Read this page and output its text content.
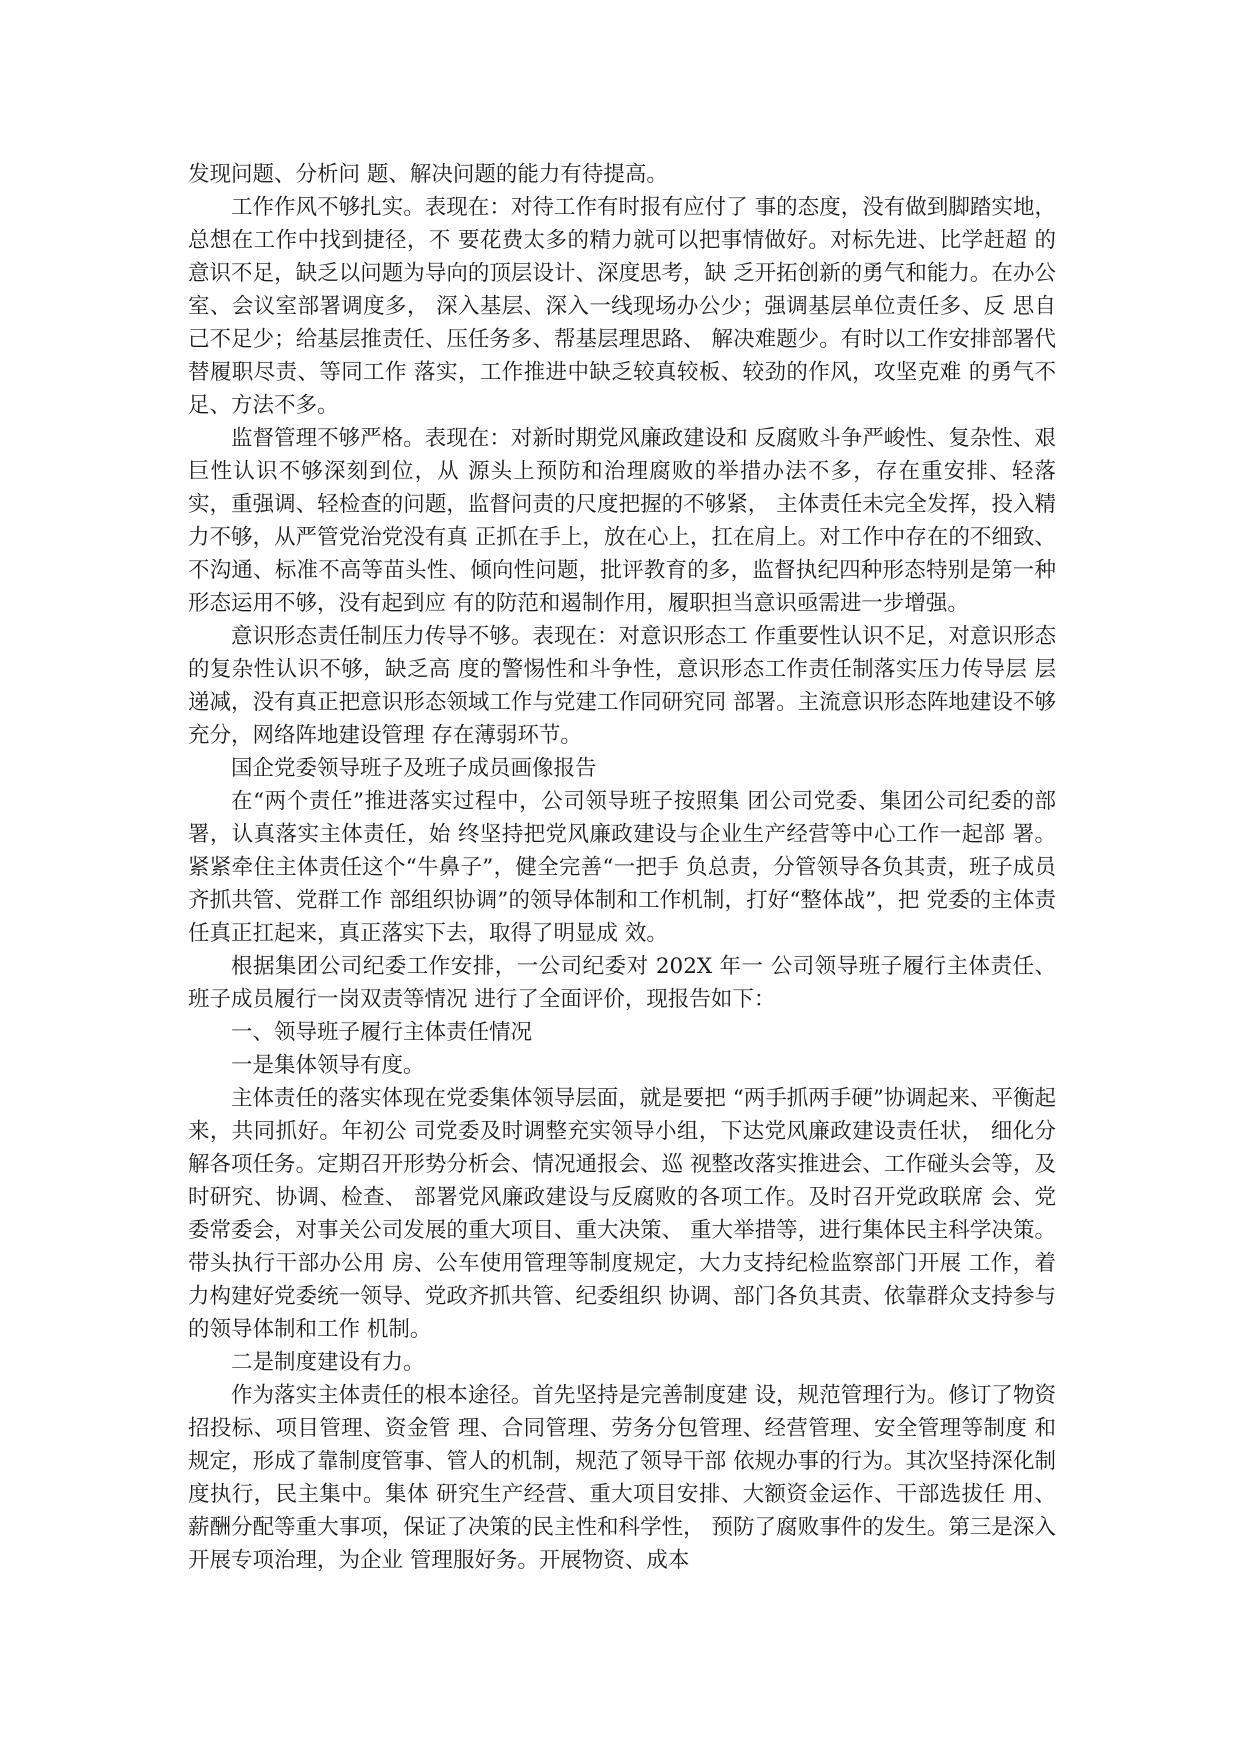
发现问题、分析问 题、解决问题的能力有待提高。

工作作风不够扎实。表现在：对待工作有时报有应付了 事的态度，没有做到脚踏实地，总想在工作中找到捷径，不 要花费太多的精力就可以把事情做好。对标先进、比学赶超 的意识不足，缺乏以问题为导向的顶层设计、深度思考，缺 乏开拓创新的勇气和能力。在办公室、会议室部署调度多， 深入基层、深入一线现场办公少；强调基层单位责任多、反 思自己不足少；给基层推责任、压任务多、帮基层理思路、 解决难题少。有时以工作安排部署代替履职尽责、等同工作 落实，工作推进中缺乏较真较板、较劲的作风，攻坚克难 的勇气不足、方法不多。

监督管理不够严格。表现在：对新时期党风廉政建设和 反腐败斗争严峻性、复杂性、艰巨性认识不够深刻到位，从 源头上预防和治理腐败的举措办法不多，存在重安排、轻落 实，重强调、轻检查的问题，监督问责的尺度把握的不够紧， 主体责任未完全发挥，投入精力不够，从严管党治党没有真 正抓在手上，放在心上，扛在肩上。对工作中存在的不细致、 不沟通、标准不高等苗头性、倾向性问题，批评教育的多，监督执纪四种形态特别是第一种形态运用不够，没有起到应 有的防范和遏制作用，履职担当意识亟需进一步增强。

意识形态责任制压力传导不够。表现在：对意识形态工 作重要性认识不足，对意识形态的复杂性认识不够，缺乏高 度的警惕性和斗争性，意识形态工作责任制落实压力传导层 层递减，没有真正把意识形态领域工作与党建工作同研究同 部署。主流意识形态阵地建设不够充分，网络阵地建设管理 存在薄弱环节。

国企党委领导班子及班子成员画像报告

在“两个责任”推进落实过程中，公司领导班子按照集 团公司党委、集团公司纪委的部署，认真落实主体责任，始 终坚持把党风廉政建设与企业生产经营等中心工作一起部 署。紧紧牵住主体责任这个“牛鼻子”，健全完善“一把手 负总责，分管领导各负其责，班子成员齐抓共管、党群工作 部组织协调”的领导体制和工作机制，打好“整体战”，把 党委的主体责任真正扛起来，真正落实下去，取得了明显成 效。

根据集团公司纪委工作安排，一公司纪委对 202X 年一 公司领导班子履行主体责任、班子成员履行一岗双责等情况 进行了全面评价，现报告如下：

一、领导班子履行主体责任情况

一是集体领导有度。

主体责任的落实体现在党委集体领导层面，就是要把 “两手抓两手硬”协调起来、平衡起来，共同抓好。年初公 司党委及时调整充实领导小组，下达党风廉政建设责任状， 细化分解各项任务。定期召开形势分析会、情况通报会、巡 视整改落实推进会、工作碰头会等，及时研究、协调、检查、 部署党风廉政建设与反腐败的各项工作。及时召开党政联席 会、党委常委会，对事关公司发展的重大项目、重大决策、 重大举措等，进行集体民主科学决策。带头执行干部办公用 房、公车使用管理等制度规定，大力支持纪检监察部门开展 工作，着力构建好党委统一领导、党政齐抓共管、纪委组织 协调、部门各负其责、依靠群众支持参与的领导体制和工作 机制。

二是制度建设有力。

作为落实主体责任的根本途径。首先坚持是完善制度建 设，规范管理行为。修订了物资招投标、项目管理、资金管 理、合同管理、劳务分包管理、经营管理、安全管理等制度 和规定，形成了靠制度管事、管人的机制，规范了领导干部 依规办事的行为。其次坚持深化制度执行，民主集中。集体 研究生产经营、重大项目安排、大额资金运作、干部选拔任 用、薪酬分配等重大事项，保证了决策的民主性和科学性， 预防了腐败事件的发生。第三是深入开展专项治理，为企业 管理服好务。开展物资、成本
